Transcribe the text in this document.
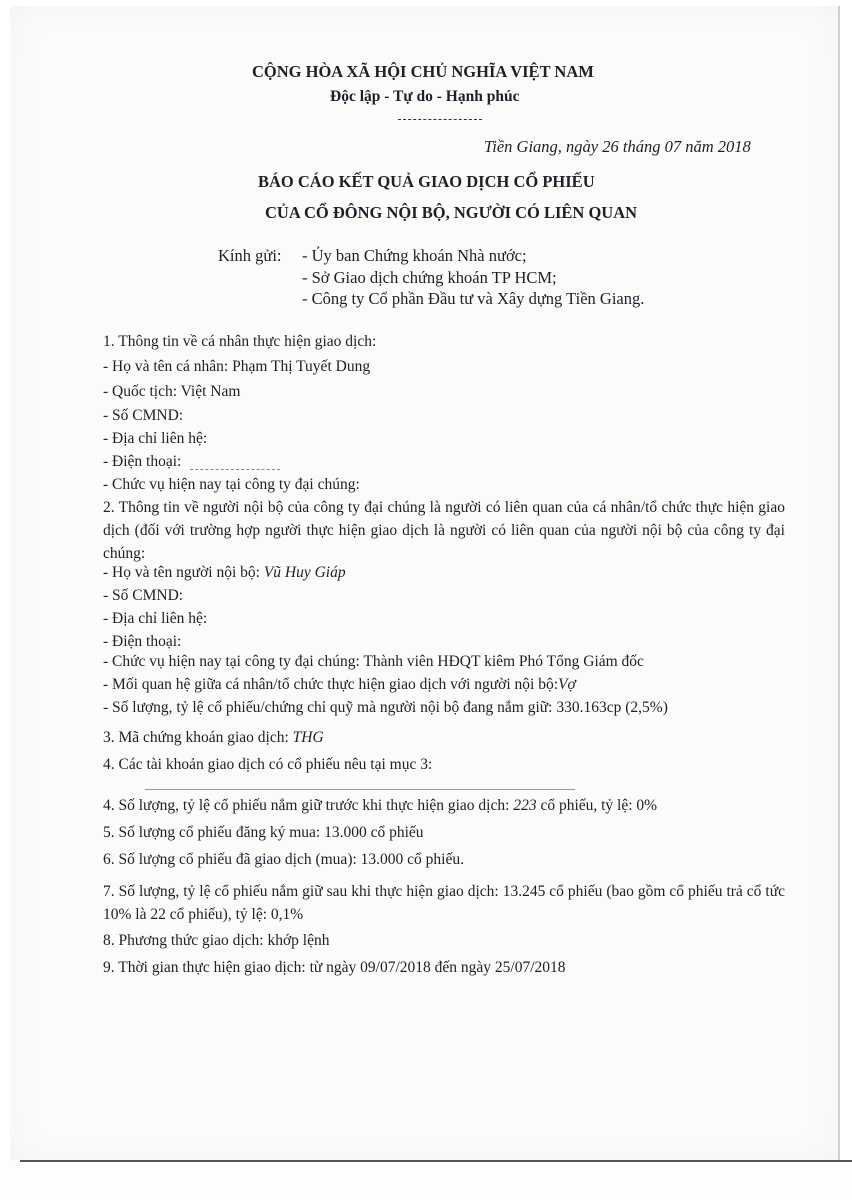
CỘNG HÒA XÃ HỘI CHỦ NGHĨA VIỆT NAM
Độc lập - Tự do - Hạnh phúc
Tiền Giang, ngày 26 tháng 07 năm 2018
BÁO CÁO KẾT QUẢ GIAO DỊCH CỔ PHIẾU
CỦA CỔ ĐÔNG NỘI BỘ, NGƯỜI CÓ LIÊN QUAN
Kính gửi: - Ủy ban Chứng khoán Nhà nước;
- Sở Giao dịch chứng khoán TP HCM;
- Công ty Cổ phần Đầu tư và Xây dựng Tiền Giang.
1. Thông tin về cá nhân thực hiện giao dịch:
- Họ và tên cá nhân: Phạm Thị Tuyết Dung
- Quốc tịch: Việt Nam
- Số CMND:
- Địa chỉ liên hệ:
- Điện thoại:
- Chức vụ hiện nay tại công ty đại chúng:
2. Thông tin về người nội bộ của công ty đại chúng là người có liên quan của cá nhân/tổ chức thực hiện giao dịch (đối với trường hợp người thực hiện giao dịch là người có liên quan của người nội bộ của công ty đại chúng:
- Họ và tên người nội bộ: Vũ Huy Giáp
- Số CMND:
- Địa chỉ liên hệ:
- Điện thoại:
- Chức vụ hiện nay tại công ty đại chúng: Thành viên HĐQT kiêm Phó Tổng Giám đốc
- Mối quan hệ giữa cá nhân/tổ chức thực hiện giao dịch với người nội bộ:Vợ
- Số lượng, tỷ lệ cổ phiếu/chứng chỉ quỹ mà người nội bộ đang nắm giữ: 330.163cp (2,5%)
3. Mã chứng khoán giao dịch: THG
4. Các tài khoản giao dịch có cổ phiếu nêu tại mục 3:
4. Số lượng, tỷ lệ cổ phiếu nắm giữ trước khi thực hiện giao dịch: 223 cổ phiếu, tỷ lệ: 0%
5. Số lượng cổ phiếu đăng ký mua: 13.000 cổ phiếu
6. Số lượng cổ phiếu đã giao dịch (mua): 13.000 cổ phiếu.
7. Số lượng, tỷ lệ cổ phiếu nắm giữ sau khi thực hiện giao dịch: 13.245 cổ phiếu (bao gồm cổ phiếu trả cổ tức 10% là 22 cổ phiếu), tỷ lệ: 0,1%
8. Phương thức giao dịch: khớp lệnh
9. Thời gian thực hiện giao dịch: từ ngày 09/07/2018 đến ngày 25/07/2018
